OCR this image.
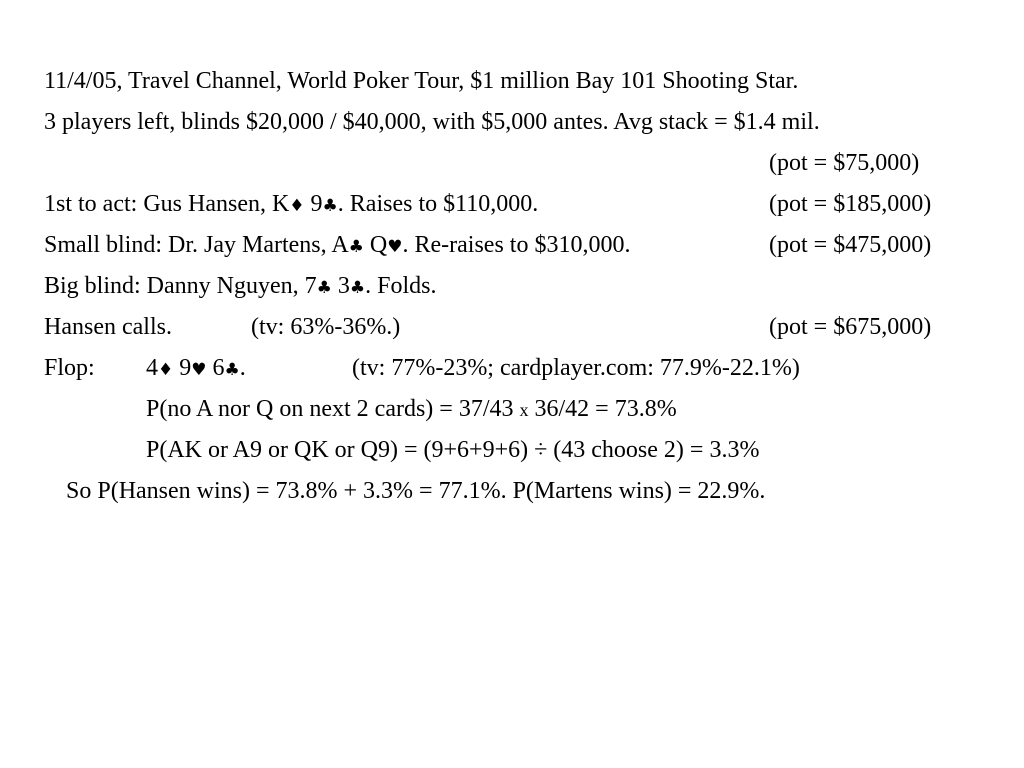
11/4/05, Travel Channel, World Poker Tour, $1 million Bay 101 Shooting Star.
3 players left, blinds $20,000 / $40,000, with $5,000 antes. Avg stack = $1.4 mil.
(pot = $75,000)
1st to act: Gus Hansen, K♦ 9♣. Raises to $110,000.	(pot = $185,000)
Small blind: Dr. Jay Martens, A♣ Q♥. Re-raises to $310,000.	(pot = $475,000)
Big blind: Danny Nguyen, 7♣ 3♣. Folds.
Hansen calls.	(tv: 63%-36%.)	(pot = $675,000)
Flop: 4♦ 9♥ 6♣.	(tv: 77%-23%; cardplayer.com: 77.9%-22.1%)
P(no A nor Q on next 2 cards) = 37/43 x 36/42 = 73.8%
P(AK or A9 or QK or Q9) = (9+6+9+6) ÷ (43 choose 2) = 3.3%
So P(Hansen wins) = 73.8% + 3.3% = 77.1%. P(Martens wins) = 22.9%.
